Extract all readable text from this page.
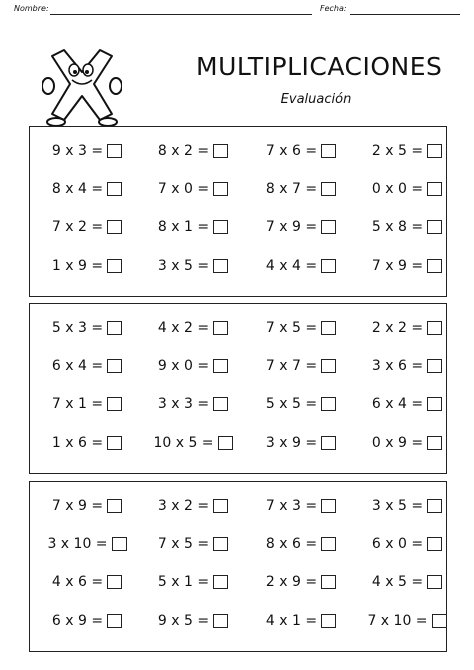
Nombre:	Fecha:
MULTIPLICACIONES
Evaluación
9 x 3 =	8 x 2 =	7 x 6 =	2 x 5 =
8 x 4 =	7 x 0 =	8 x 7 =	0 x 0 =
7 x 2 =	8 x 1 =	7 x 9 =	5 x 8 =
1 x 9 =	3 x 5 =	4 x 4 =	7 x 9 =
5 x 3 =	4 x 2 =	7 x 5 =	2 x 2 =
6 x 4 =	9 x 0 =	7 x 7 =	3 x 6 =
7 x 1 =	3 x 3 =	5 x 5 =	6 x 4 =
1 x 6 =	10 x 5 =	3 x 9 =	0 x 9 =
7 x 9 =	3 x 2 =	7 x 3 =	3 x 5 =
3 x 10 =	7 x 5 =	8 x 6 =	6 x 0 =
4 x 6 =	5 x 1 =	2 x 9 =	4 x 5 =
6 x 9 =	9 x 5 =	4 x 1 =	7 x 10 =
